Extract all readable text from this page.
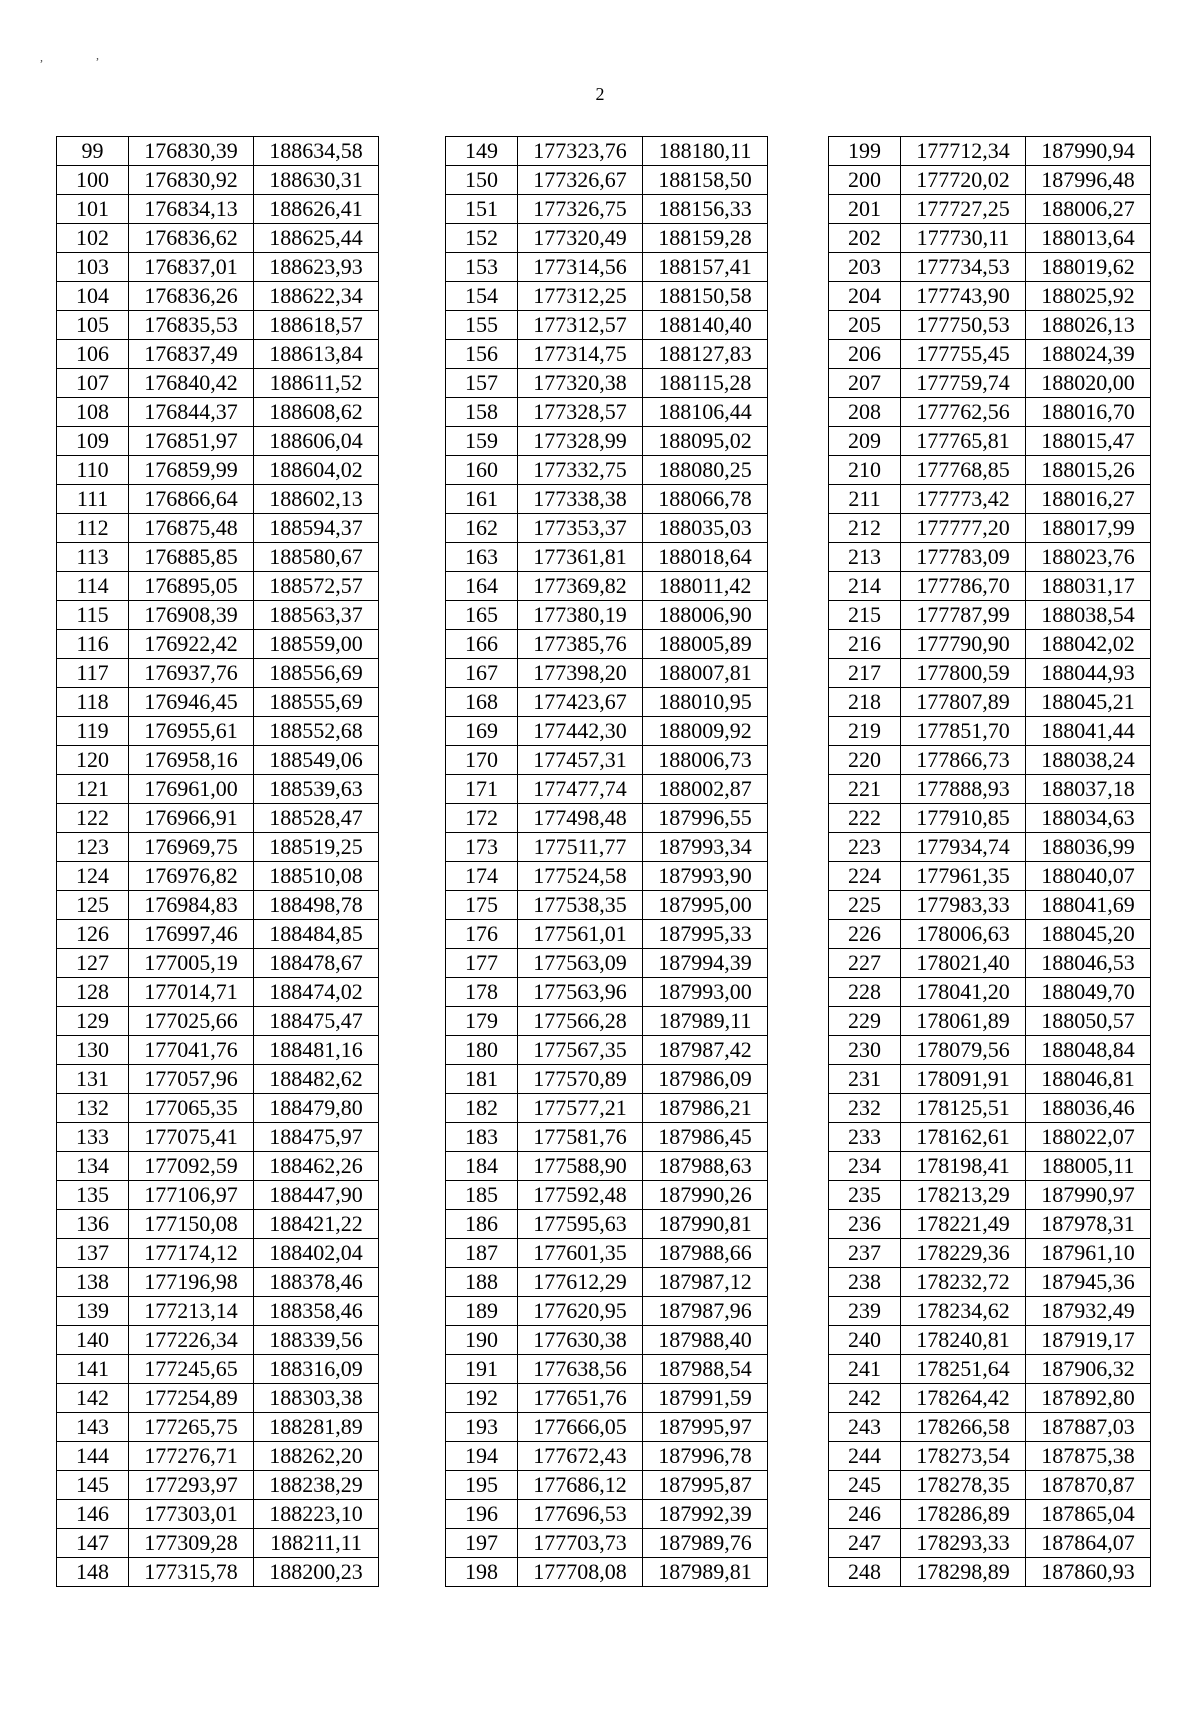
,	,
2
99	176830,39	188634,58
100	176830,92	188630,31
101	176834,13	188626,41
102	176836,62	188625,44
103	176837,01	188623,93
104	176836,26	188622,34
105	176835,53	188618,57
106	176837,49	188613,84
107	176840,42	188611,52
108	176844,37	188608,62
109	176851,97	188606,04
110	176859,99	188604,02
111	176866,64	188602,13
112	176875,48	188594,37
113	176885,85	188580,67
114	176895,05	188572,57
115	176908,39	188563,37
116	176922,42	188559,00
117	176937,76	188556,69
118	176946,45	188555,69
119	176955,61	188552,68
120	176958,16	188549,06
121	176961,00	188539,63
122	176966,91	188528,47
123	176969,75	188519,25
124	176976,82	188510,08
125	176984,83	188498,78
126	176997,46	188484,85
127	177005,19	188478,67
128	177014,71	188474,02
129	177025,66	188475,47
130	177041,76	188481,16
131	177057,96	188482,62
132	177065,35	188479,80
133	177075,41	188475,97
134	177092,59	188462,26
135	177106,97	188447,90
136	177150,08	188421,22
137	177174,12	188402,04
138	177196,98	188378,46
139	177213,14	188358,46
140	177226,34	188339,56
141	177245,65	188316,09
142	177254,89	188303,38
143	177265,75	188281,89
144	177276,71	188262,20
145	177293,97	188238,29
146	177303,01	188223,10
147	177309,28	188211,11
148	177315,78	188200,23
149	177323,76	188180,11
150	177326,67	188158,50
151	177326,75	188156,33
152	177320,49	188159,28
153	177314,56	188157,41
154	177312,25	188150,58
155	177312,57	188140,40
156	177314,75	188127,83
157	177320,38	188115,28
158	177328,57	188106,44
159	177328,99	188095,02
160	177332,75	188080,25
161	177338,38	188066,78
162	177353,37	188035,03
163	177361,81	188018,64
164	177369,82	188011,42
165	177380,19	188006,90
166	177385,76	188005,89
167	177398,20	188007,81
168	177423,67	188010,95
169	177442,30	188009,92
170	177457,31	188006,73
171	177477,74	188002,87
172	177498,48	187996,55
173	177511,77	187993,34
174	177524,58	187993,90
175	177538,35	187995,00
176	177561,01	187995,33
177	177563,09	187994,39
178	177563,96	187993,00
179	177566,28	187989,11
180	177567,35	187987,42
181	177570,89	187986,09
182	177577,21	187986,21
183	177581,76	187986,45
184	177588,90	187988,63
185	177592,48	187990,26
186	177595,63	187990,81
187	177601,35	187988,66
188	177612,29	187987,12
189	177620,95	187987,96
190	177630,38	187988,40
191	177638,56	187988,54
192	177651,76	187991,59
193	177666,05	187995,97
194	177672,43	187996,78
195	177686,12	187995,87
196	177696,53	187992,39
197	177703,73	187989,76
198	177708,08	187989,81
199	177712,34	187990,94
200	177720,02	187996,48
201	177727,25	188006,27
202	177730,11	188013,64
203	177734,53	188019,62
204	177743,90	188025,92
205	177750,53	188026,13
206	177755,45	188024,39
207	177759,74	188020,00
208	177762,56	188016,70
209	177765,81	188015,47
210	177768,85	188015,26
211	177773,42	188016,27
212	177777,20	188017,99
213	177783,09	188023,76
214	177786,70	188031,17
215	177787,99	188038,54
216	177790,90	188042,02
217	177800,59	188044,93
218	177807,89	188045,21
219	177851,70	188041,44
220	177866,73	188038,24
221	177888,93	188037,18
222	177910,85	188034,63
223	177934,74	188036,99
224	177961,35	188040,07
225	177983,33	188041,69
226	178006,63	188045,20
227	178021,40	188046,53
228	178041,20	188049,70
229	178061,89	188050,57
230	178079,56	188048,84
231	178091,91	188046,81
232	178125,51	188036,46
233	178162,61	188022,07
234	178198,41	188005,11
235	178213,29	187990,97
236	178221,49	187978,31
237	178229,36	187961,10
238	178232,72	187945,36
239	178234,62	187932,49
240	178240,81	187919,17
241	178251,64	187906,32
242	178264,42	187892,80
243	178266,58	187887,03
244	178273,54	187875,38
245	178278,35	187870,87
246	178286,89	187865,04
247	178293,33	187864,07
248	178298,89	187860,93
